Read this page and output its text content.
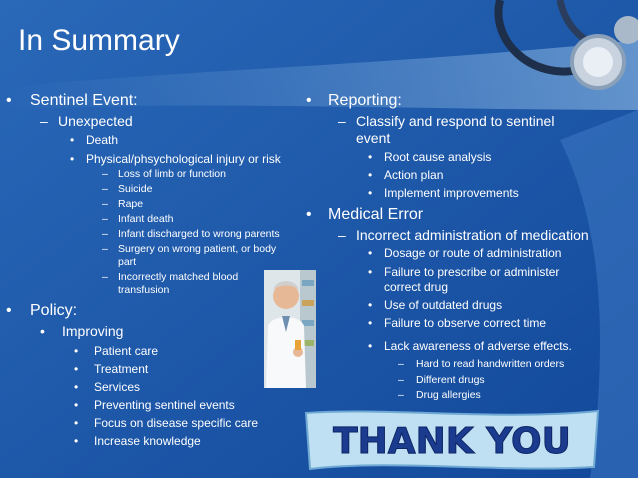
In Summary
• Sentinel Event:
– Unexpected
• Death
• Physical/phsychological injury or risk
– Loss of limb or function
– Suicide
– Rape
– Infant death
– Infant discharged to wrong parents
– Surgery on wrong patient, or body
part
– Incorrectly matched blood
transfusion
• Policy:
• Improving
• Patient care
• Treatment
• Services
• Preventing sentinel events
• Focus on disease specific care
• Increase knowledge
• Reporting:
– Classify and respond to sentinel
event
• Root cause analysis
• Action plan
• Implement improvements
• Medical Error
– Incorrect administration of medication
• Dosage or route of administration
• Failure to prescribe or administer
correct drug
• Use of outdated drugs
• Failure to observe correct time
• Lack awareness of adverse effects.
– Hard to read handwritten orders
– Different drugs
– Drug allergies
THANK YOU
